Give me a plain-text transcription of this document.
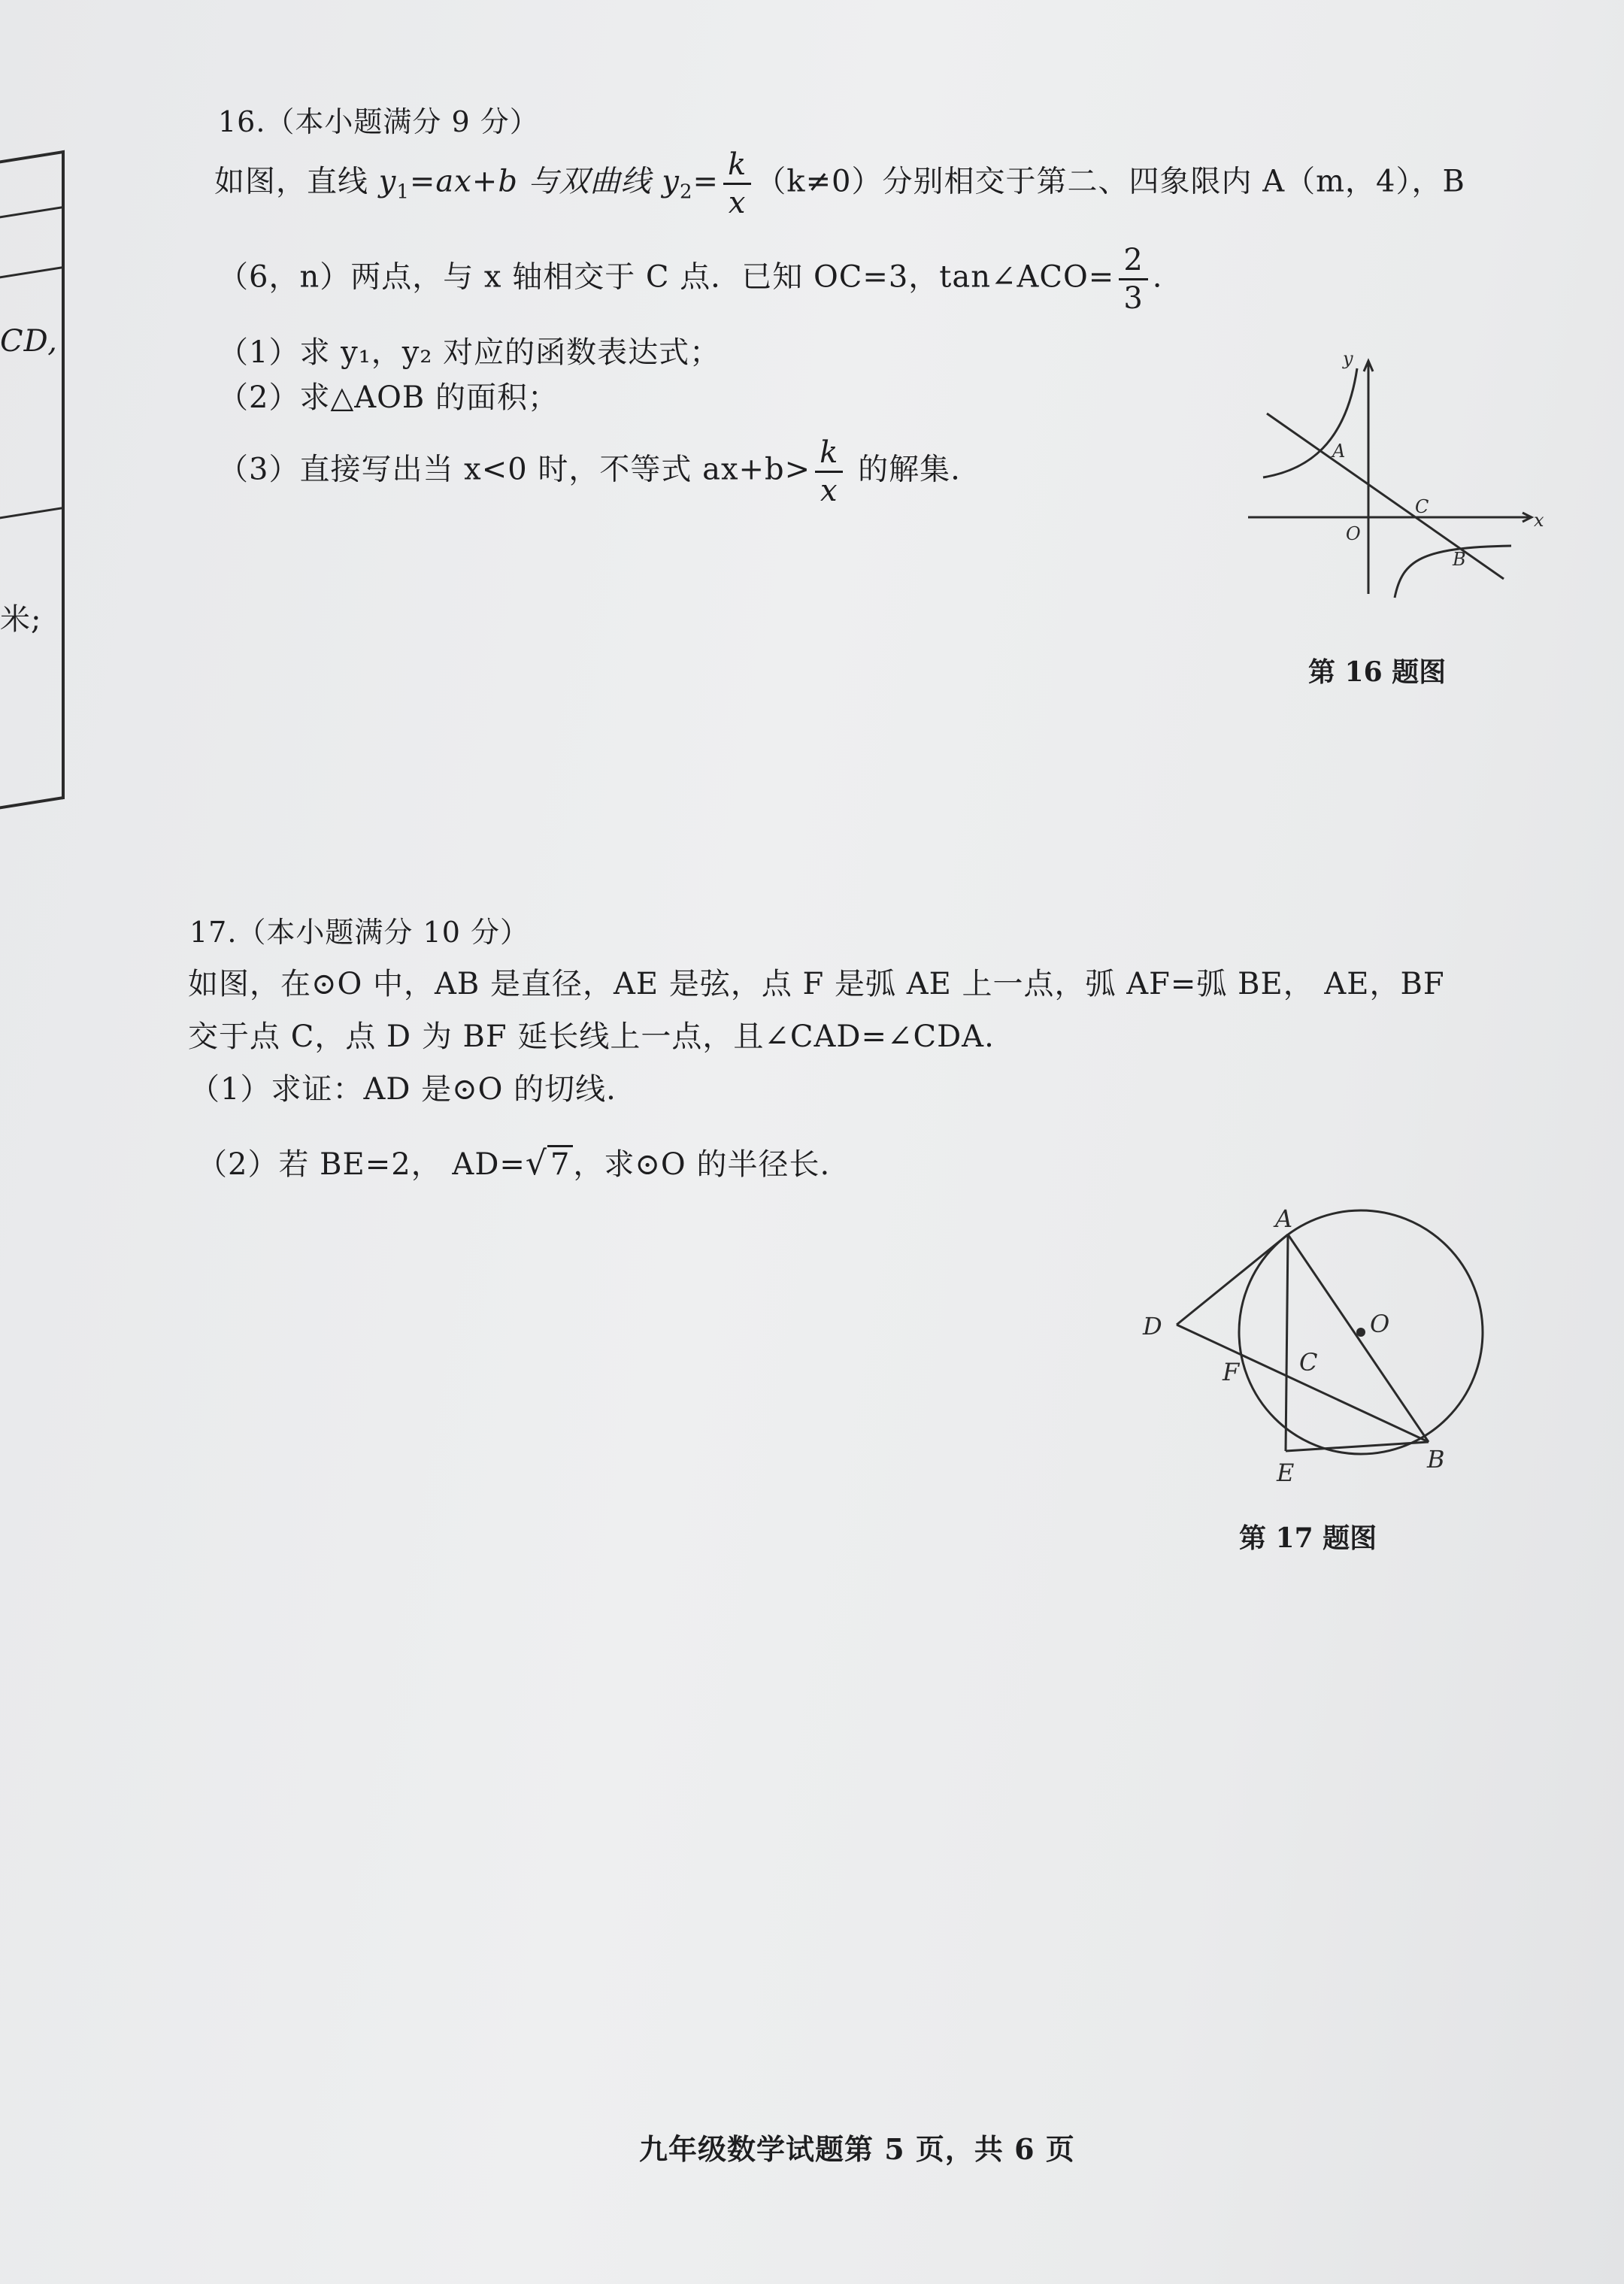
CD,
米;
16.（本小题满分 9 分）
如图，直线 $y_1=ax+b$ 与双曲线 $y_2= \frac{k}{x} (k\ne 0)$分别相交于第二、四象限内 A（m，4），B
（6，n）两点，与 x 轴相交于 C 点．已知 OC=3，tan∠ACO= $\frac{2}{3}$ .
（1）求 y₁，y₂ 对应的函数表达式；
（2）求△AOB 的面积；
（3）直接写出当 x<0 时，不等式 $ax+b> \frac{k}{x}$ 的解集.
y
x
A
C
O
B
第 16 题图
17.（本小题满分 10 分）
如图，在⊙O 中，AB 是直径，AE 是弦，点 F 是弧 AE 上一点，弧 AF=弧 BE， AE，BF
交于点 C，点 D 为 BF 延长线上一点，且∠CAD=∠CDA.
（1）求证：AD 是⊙O 的切线.
（2）若 BE=2， AD=√ 7 ，求⊙O 的半径长.
A
D	O
F C
E	B
第 17 题图
九年级数学试题第 5 页，共 6 页
